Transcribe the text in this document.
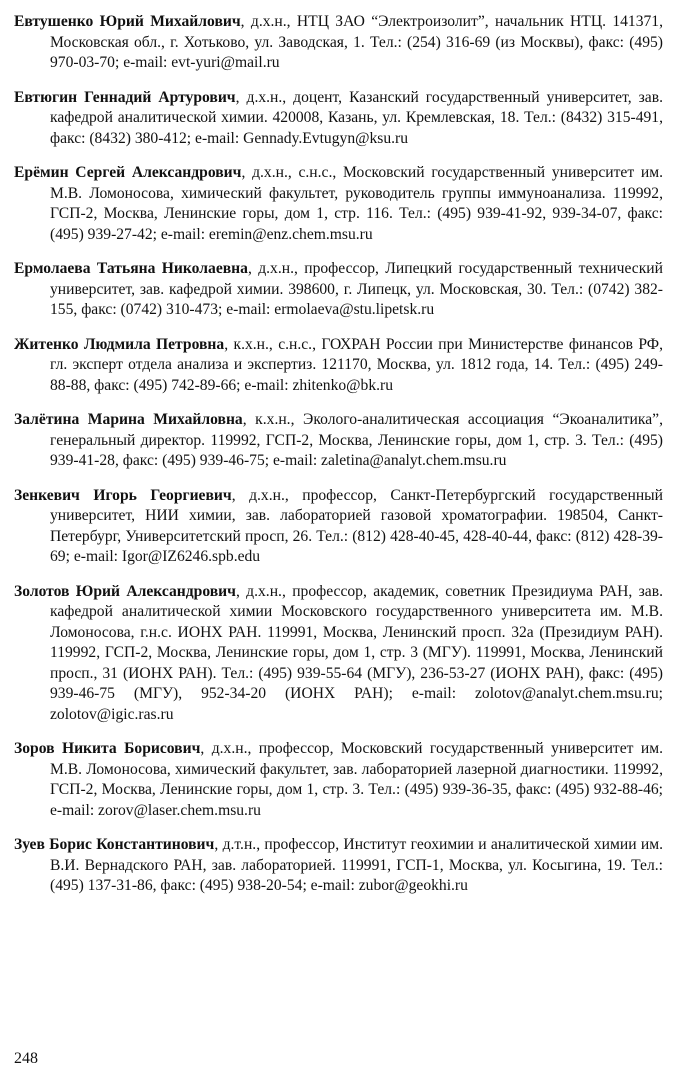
Евтушенко Юрий Михайлович, д.х.н., НТЦ ЗАО “Электроизолит”, начальник НТЦ. 141371, Московская обл., г. Хотьково, ул. Заводская, 1. Тел.: (254) 316-69 (из Москвы), факс: (495) 970-03-70; e-mail: evt-yuri@mail.ru

Евтюгин Геннадий Артурович, д.х.н., доцент, Казанский государственный университет, зав. кафедрой аналитической химии. 420008, Казань, ул. Кремлевская, 18. Тел.: (8432) 315-491, факс: (8432) 380-412; e-mail: Gennady.Evtugyn@ksu.ru

Ерёмин Сергей Александрович, д.х.н., с.н.с., Московский государственный университет им. М.В. Ломоносова, химический факультет, руководитель группы иммуноанализа. 119992, ГСП-2, Москва, Ленинские горы, дом 1, стр. 116. Тел.: (495) 939-41-92, 939-34-07, факс: (495) 939-27-42; e-mail: eremin@enz.chem.msu.ru

Ермолаева Татьяна Николаевна, д.х.н., профессор, Липецкий государственный технический университет, зав. кафедрой химии. 398600, г. Липецк, ул. Московская, 30. Тел.: (0742) 382-155, факс: (0742) 310-473; e-mail: ermolaeva@stu.lipetsk.ru

Житенко Людмила Петровна, к.х.н., с.н.с., ГОХРАН России при Министерстве финансов РФ, гл. эксперт отдела анализа и экспертиз. 121170, Москва, ул. 1812 года, 14. Тел.: (495) 249-88-88, факс: (495) 742-89-66; e-mail: zhitenko@bk.ru

Залётина Марина Михайловна, к.х.н., Эколого-аналитическая ассоциация “Экоаналитика”, генеральный директор. 119992, ГСП-2, Москва, Ленинские горы, дом 1, стр. 3. Тел.: (495) 939-41-28, факс: (495) 939-46-75; e-mail: zaletina@analyt.chem.msu.ru

Зенкевич Игорь Георгиевич, д.х.н., профессор, Санкт-Петербургский государственный университет, НИИ химии, зав. лабораторией газовой хроматографии. 198504, Санкт-Петербург, Университетский просп, 26. Тел.: (812) 428-40-45, 428-40-44, факс: (812) 428-39-69; e-mail: Igor@IZ6246.spb.edu

Золотов Юрий Александрович, д.х.н., профессор, академик, советник Президиума РАН, зав. кафедрой аналитической химии Московского государственного университета им. М.В. Ломоносова, г.н.с. ИОНХ РАН. 119991, Москва, Ленинский просп. 32а (Президиум РАН). 119992, ГСП-2, Москва, Ленинские горы, дом 1, стр. 3 (МГУ). 119991, Москва, Ленинский просп., 31 (ИОНХ РАН). Тел.: (495) 939-55-64 (МГУ), 236-53-27 (ИОНХ РАН), факс: (495) 939-46-75 (МГУ), 952-34-20 (ИОНХ РАН); e-mail: zolotov@analyt.chem.msu.ru; zolotov@igic.ras.ru

Зоров Никита Борисович, д.х.н., профессор, Московский государственный университет им. М.В. Ломоносова, химический факультет, зав. лабораторией лазерной диагностики. 119992, ГСП-2, Москва, Ленинские горы, дом 1, стр. 3. Тел.: (495) 939-36-35, факс: (495) 932-88-46; e-mail: zorov@laser.chem.msu.ru

Зуев Борис Константинович, д.т.н., профессор, Институт геохимии и аналитической химии им. В.И. Вернадского РАН, зав. лабораторией. 119991, ГСП-1, Москва, ул. Косыгина, 19. Тел.: (495) 137-31-86, факс: (495) 938-20-54; e-mail: zubor@geokhi.ru

248
